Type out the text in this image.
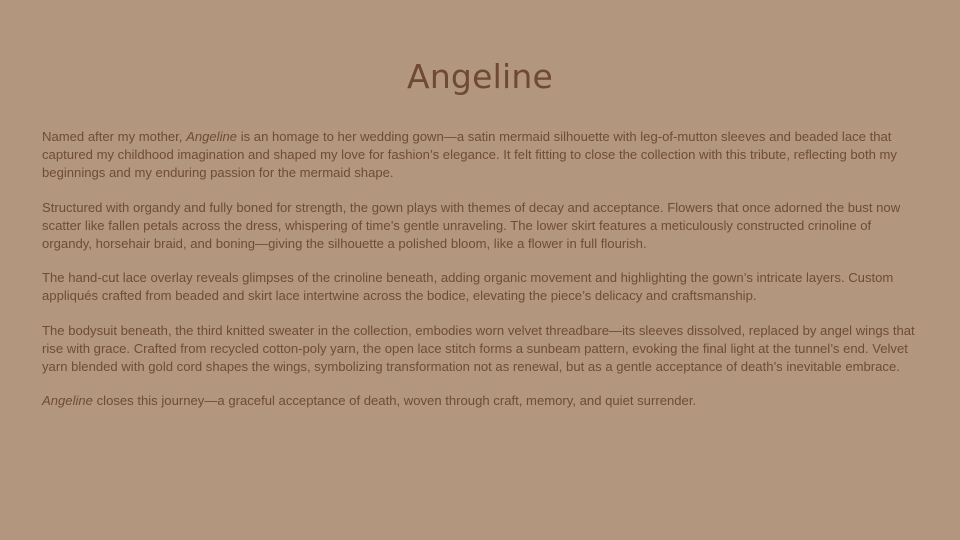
Angeline

Named after my mother, Angeline is an homage to her wedding gown—a satin mermaid silhouette with leg-of-mutton sleeves and beaded lace that captured my childhood imagination and shaped my love for fashion’s elegance. It felt fitting to close the collection with this tribute, reflecting both my beginnings and my enduring passion for the mermaid shape.

Structured with organdy and fully boned for strength, the gown plays with themes of decay and acceptance. Flowers that once adorned the bust now scatter like fallen petals across the dress, whispering of time’s gentle unraveling. The lower skirt features a meticulously constructed crinoline of organdy, horsehair braid, and boning—giving the silhouette a polished bloom, like a flower in full flourish.

The hand-cut lace overlay reveals glimpses of the crinoline beneath, adding organic movement and highlighting the gown’s intricate layers. Custom appliqués crafted from beaded and skirt lace intertwine across the bodice, elevating the piece’s delicacy and craftsmanship.

The bodysuit beneath, the third knitted sweater in the collection, embodies worn velvet threadbare—its sleeves dissolved, replaced by angel wings that rise with grace. Crafted from recycled cotton-poly yarn, the open lace stitch forms a sunbeam pattern, evoking the final light at the tunnel’s end. Velvet yarn blended with gold cord shapes the wings, symbolizing transformation not as renewal, but as a gentle acceptance of death’s inevitable embrace.

Angeline closes this journey—a graceful acceptance of death, woven through craft, memory, and quiet surrender.
